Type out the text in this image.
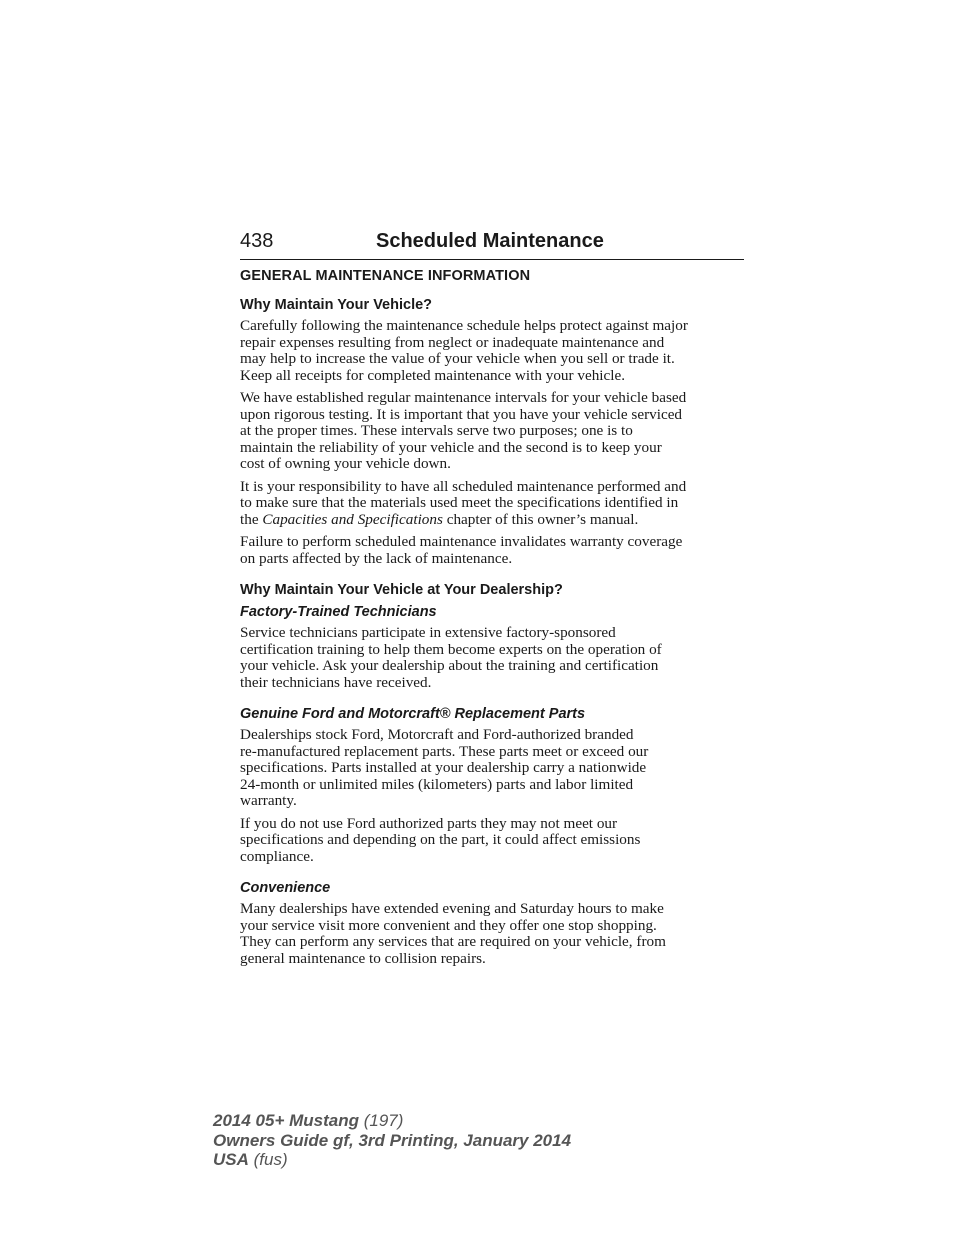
438	Scheduled Maintenance
GENERAL MAINTENANCE INFORMATION
Why Maintain Your Vehicle?

Carefully following the maintenance schedule helps protect against major
repair expenses resulting from neglect or inadequate maintenance and
may help to increase the value of your vehicle when you sell or trade it.
Keep all receipts for completed maintenance with your vehicle.

We have established regular maintenance intervals for your vehicle based
upon rigorous testing. It is important that you have your vehicle serviced
at the proper times. These intervals serve two purposes; one is to
maintain the reliability of your vehicle and the second is to keep your
cost of owning your vehicle down.

It is your responsibility to have all scheduled maintenance performed and
to make sure that the materials used meet the specifications identified in
the Capacities and Specifications chapter of this owner’s manual.

Failure to perform scheduled maintenance invalidates warranty coverage
on parts affected by the lack of maintenance.

Why Maintain Your Vehicle at Your Dealership?
Factory-Trained Technicians

Service technicians participate in extensive factory-sponsored
certification training to help them become experts on the operation of
your vehicle. Ask your dealership about the training and certification
their technicians have received.

Genuine Ford and Motorcraft® Replacement Parts

Dealerships stock Ford, Motorcraft and Ford-authorized branded
re-manufactured replacement parts. These parts meet or exceed our
specifications. Parts installed at your dealership carry a nationwide
24-month or unlimited miles (kilometers) parts and labor limited
warranty.

If you do not use Ford authorized parts they may not meet our
specifications and depending on the part, it could affect emissions
compliance.

Convenience

Many dealerships have extended evening and Saturday hours to make
your service visit more convenient and they offer one stop shopping.
They can perform any services that are required on your vehicle, from
general maintenance to collision repairs.

2014 05+ Mustang (197)
Owners Guide gf, 3rd Printing, January 2014
USA (fus)
